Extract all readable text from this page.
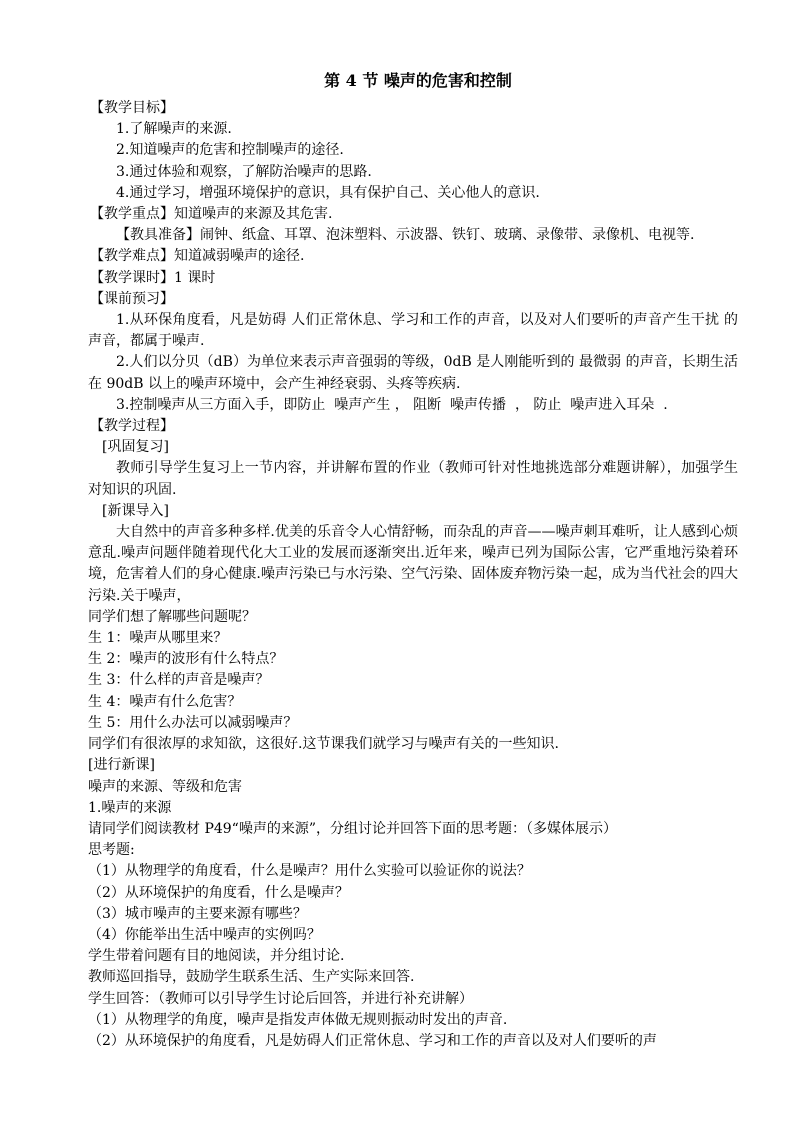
第 4 节 噪声的危害和控制
【教学目标】
1.了解噪声的来源.
2.知道噪声的危害和控制噪声的途径.
3.通过体验和观察，了解防治噪声的思路.
4.通过学习，增强环境保护的意识，具有保护自己、关心他人的意识.
【教学重点】知道噪声的来源及其危害.
【教具准备】闹钟、纸盒、耳罩、泡沫塑料、示波器、铁钉、玻璃、录像带、录像机、电视等.
【教学难点】知道减弱噪声的途径.
【教学课时】1 课时
【课前预习】
1.从环保角度看，凡是妨碍 人们正常休息、学习和工作的声音，以及对人们要听的声音产生干扰 的声音，都属于噪声.
2.人们以分贝（dB）为单位来表示声音强弱的等级，0dB 是人刚能听到的 最微弱 的声音，长期生活在 90dB 以上的噪声环境中，会产生神经衰弱、头疼等疾病.
3.控制噪声从三方面入手，即防止  噪声产生 ， 阻断  噪声传播  ， 防止  噪声进入耳朵  .
【教学过程】
[巩固复习]
教师引导学生复习上一节内容，并讲解布置的作业（教师可针对性地挑选部分难题讲解），加强学生对知识的巩固.
[新课导入]
大自然中的声音多种多样.优美的乐音令人心情舒畅，而杂乱的声音——噪声刺耳难听，让人感到心烦意乱.噪声问题伴随着现代化大工业的发展而逐渐突出.近年来，噪声已列为国际公害，它严重地污染着环境，危害着人们的身心健康.噪声污染已与水污染、空气污染、固体废弃物污染一起，成为当代社会的四大污染.关于噪声，
同学们想了解哪些问题呢？
生 1：噪声从哪里来？
生 2：噪声的波形有什么特点？
生 3：什么样的声音是噪声？
生 4：噪声有什么危害？
生 5：用什么办法可以减弱噪声？
同学们有很浓厚的求知欲，这很好.这节课我们就学习与噪声有关的一些知识.
[进行新课]
噪声的来源、等级和危害
1.噪声的来源
请同学们阅读教材 P49“噪声的来源”，分组讨论并回答下面的思考题：（多媒体展示）
思考题:
（1）从物理学的角度看，什么是噪声？用什么实验可以验证你的说法？
（2）从环境保护的角度看，什么是噪声？
（3）城市噪声的主要来源有哪些？
（4）你能举出生活中噪声的实例吗？
学生带着问题有目的地阅读，并分组讨论.
教师巡回指导，鼓励学生联系生活、生产实际来回答.
学生回答：（教师可以引导学生讨论后回答，并进行补充讲解）
（1）从物理学的角度，噪声是指发声体做无规则振动时发出的声音.
（2）从环境保护的角度看，凡是妨碍人们正常休息、学习和工作的声音以及对人们要听的声
